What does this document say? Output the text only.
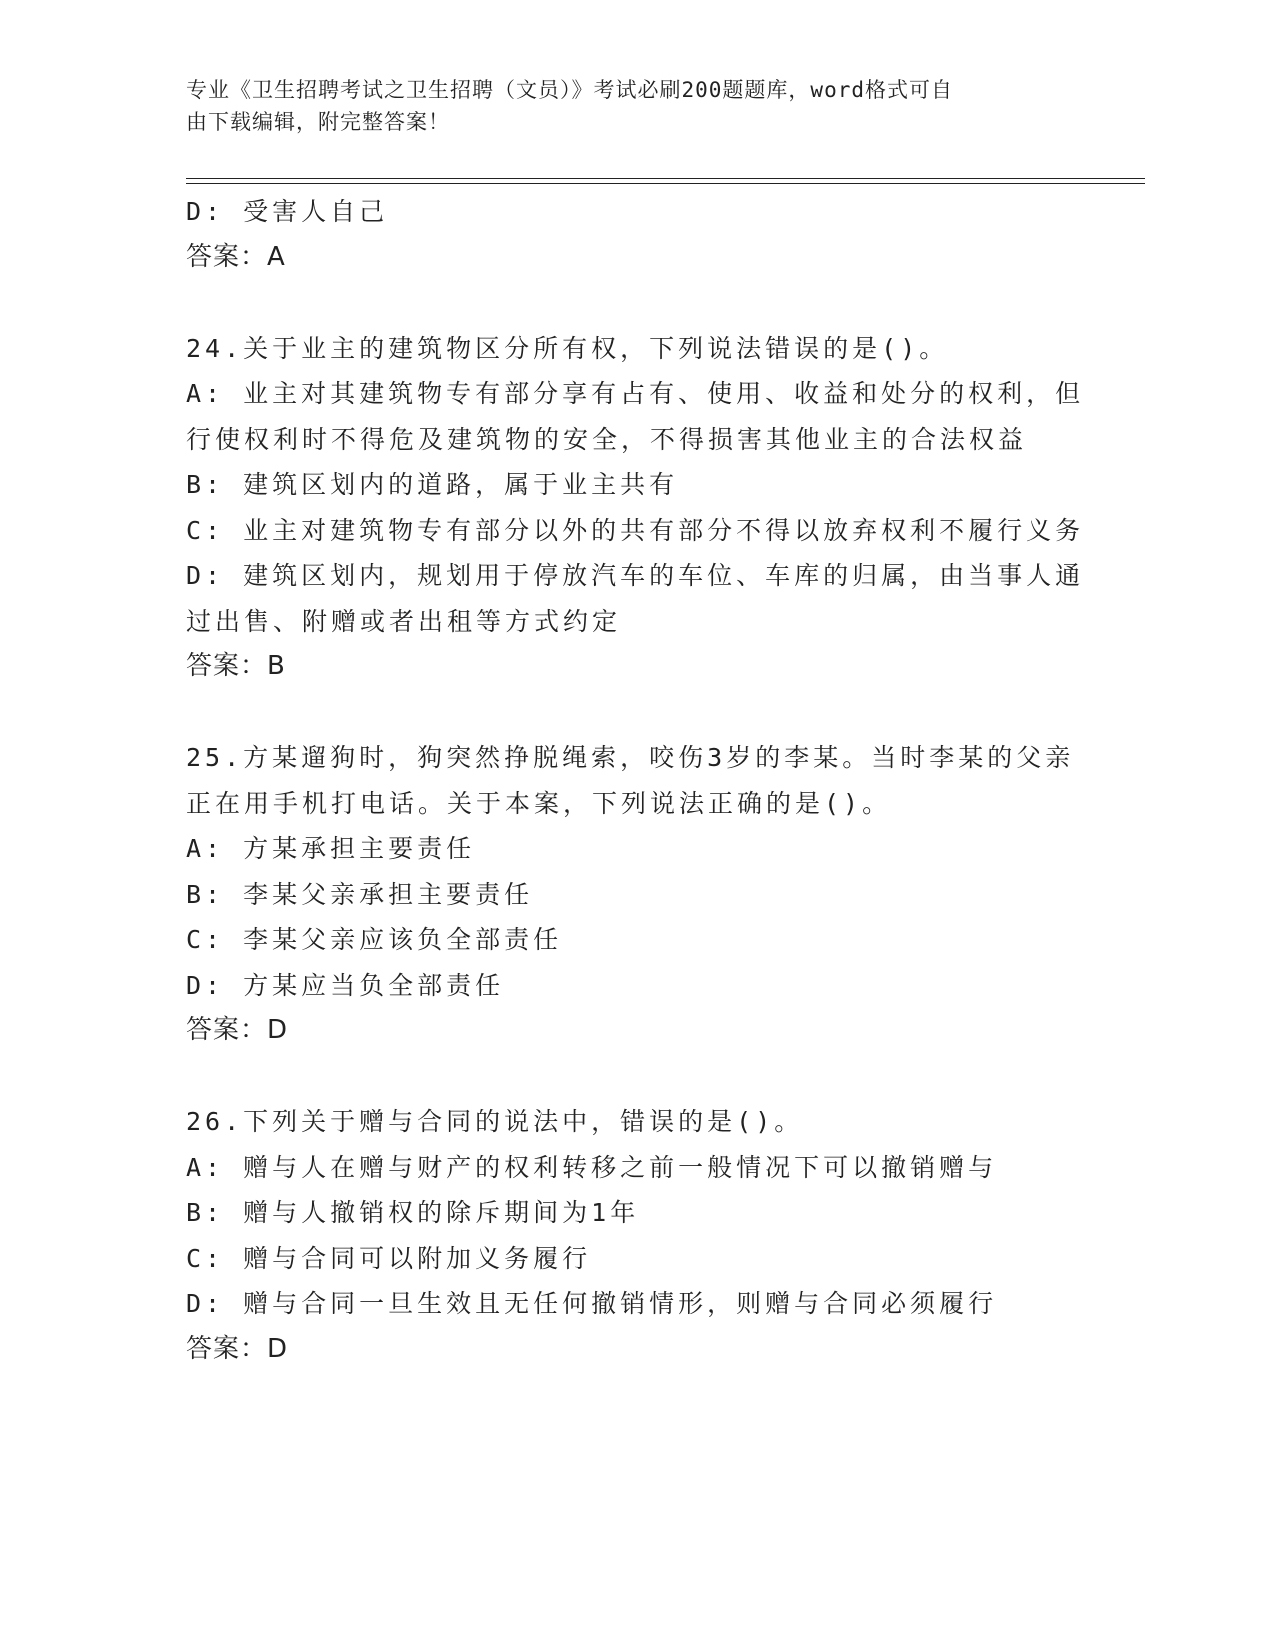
专业《卫生招聘考试之卫生招聘（文员）》考试必刷200题题库，word格式可自
由下载编辑，附完整答案！
D: 受害人自己
答案：A
24.关于业主的建筑物区分所有权，下列说法错误的是()。
A: 业主对其建筑物专有部分享有占有、使用、收益和处分的权利，但
行使权利时不得危及建筑物的安全，不得损害其他业主的合法权益
B: 建筑区划内的道路，属于业主共有
C: 业主对建筑物专有部分以外的共有部分不得以放弃权利不履行义务
D: 建筑区划内，规划用于停放汽车的车位、车库的归属，由当事人通
过出售、附赠或者出租等方式约定
答案：B
25.方某遛狗时，狗突然挣脱绳索，咬伤3岁的李某。当时李某的父亲
正在用手机打电话。关于本案，下列说法正确的是()。
A: 方某承担主要责任
B: 李某父亲承担主要责任
C: 李某父亲应该负全部责任
D: 方某应当负全部责任
答案：D
26.下列关于赠与合同的说法中，错误的是()。
A: 赠与人在赠与财产的权利转移之前一般情况下可以撤销赠与
B: 赠与人撤销权的除斥期间为1年
C: 赠与合同可以附加义务履行
D: 赠与合同一旦生效且无任何撤销情形，则赠与合同必须履行
答案：D
